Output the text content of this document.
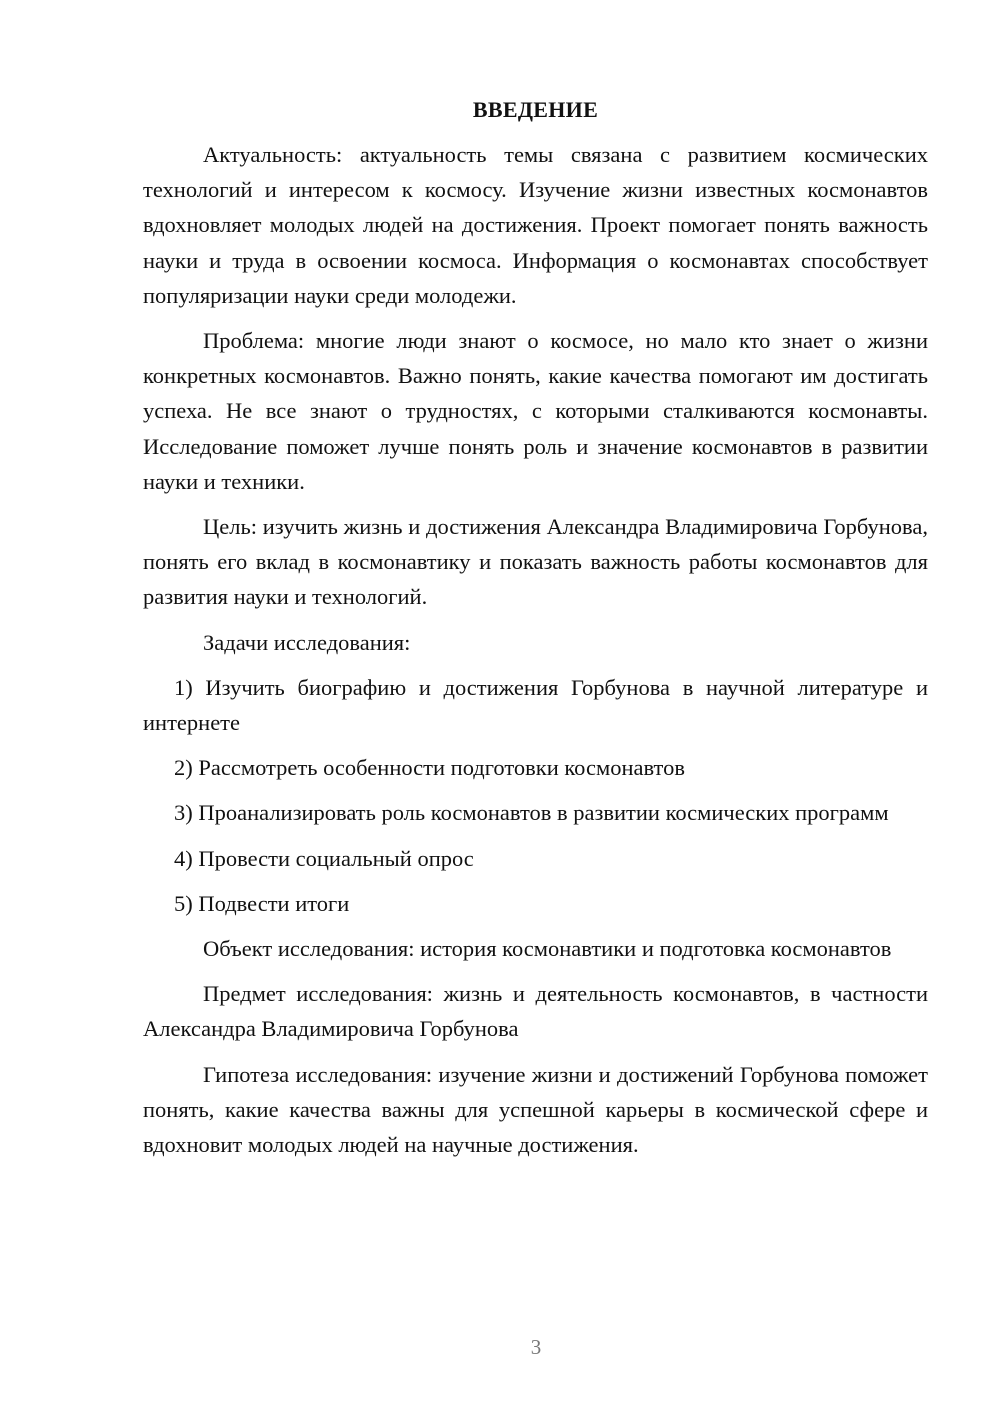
ВВЕДЕНИЕ

Актуальность: актуальность темы связана с развитием космических технологий и интересом к космосу. Изучение жизни известных космонавтов вдохновляет молодых людей на достижения. Проект помогает понять важность науки и труда в освоении космоса. Информация о космонавтах способствует популяризации науки среди молодежи.

Проблема: многие люди знают о космосе, но мало кто знает о жизни конкретных космонавтов. Важно понять, какие качества помогают им достигать успеха. Не все знают о трудностях, с которыми сталкиваются космонавты. Исследование поможет лучше понять роль и значение космонавтов в развитии науки и техники.

Цель: изучить жизнь и достижения Александра Владимировича Горбунова, понять его вклад в космонавтику и показать важность работы космонавтов для развития науки и технологий.

Задачи исследования:

1) Изучить биографию и достижения Горбунова в научной литературе и интернете

2) Рассмотреть особенности подготовки космонавтов

3) Проанализировать роль космонавтов в развитии космических программ

4) Провести социальный опрос

5) Подвести итоги

Объект исследования: история космонавтики и подготовка космонавтов

Предмет исследования: жизнь и деятельность космонавтов, в частности Александра Владимировича Горбунова

Гипотеза исследования: изучение жизни и достижений Горбунова поможет понять, какие качества важны для успешной карьеры в космической сфере и вдохновит молодых людей на научные достижения.

3
